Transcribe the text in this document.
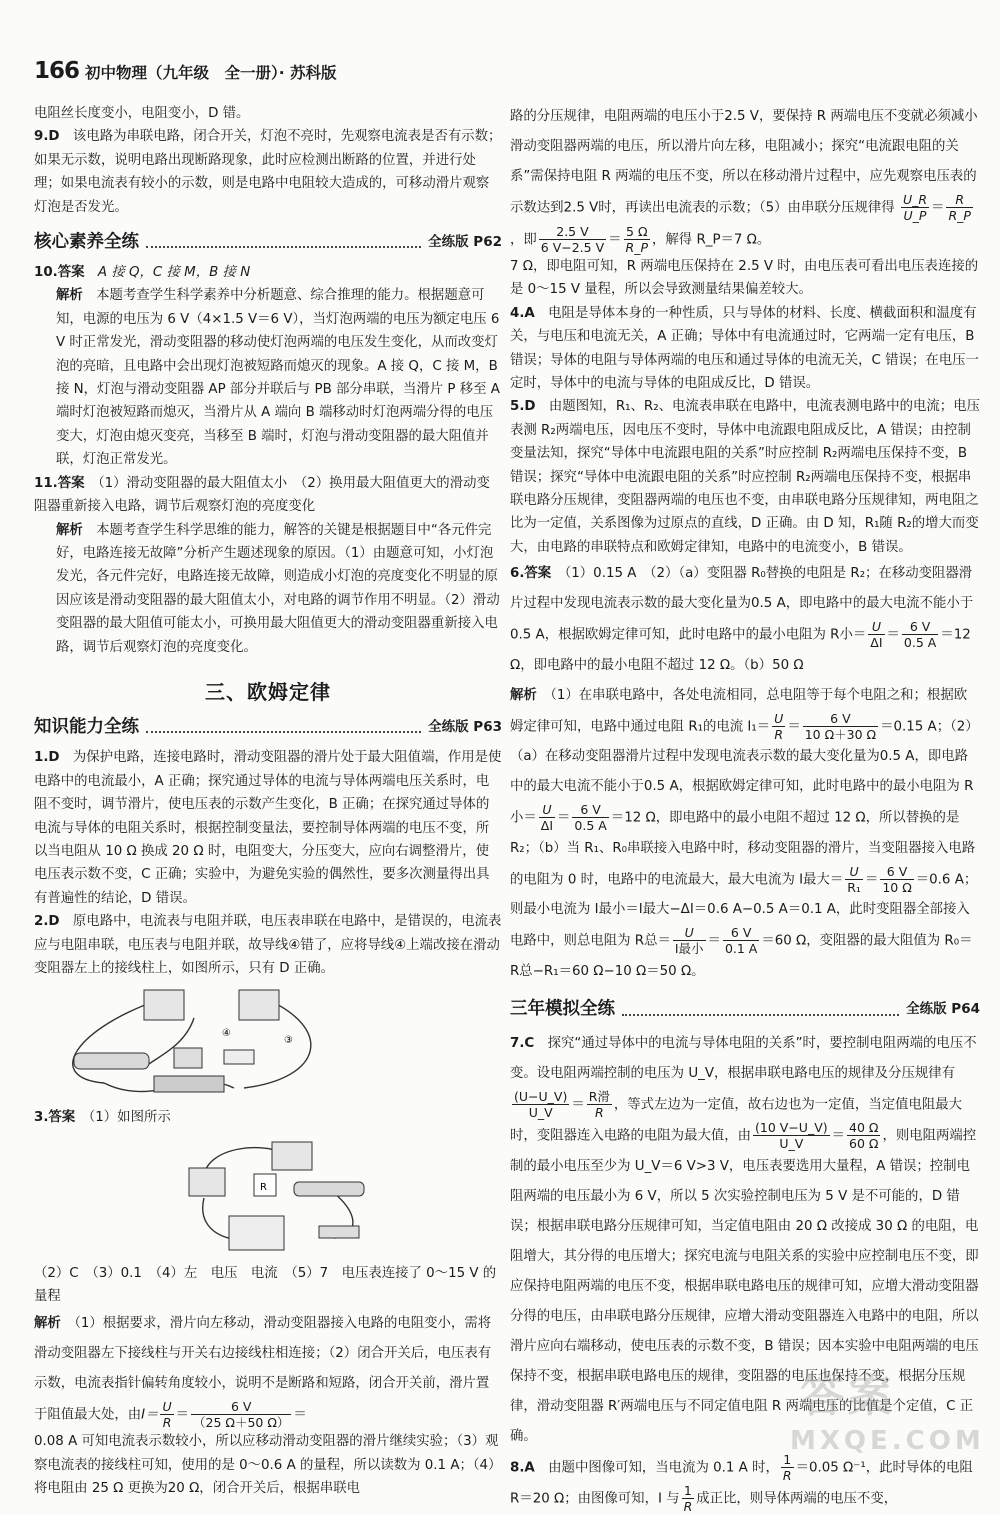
166 初中物理（九年级　全一册）· 苏科版

电阻丝长度变小，电阻变小，D 错。

9.D　 该电路为串联电路，闭合开关，灯泡不亮时，先观察电流表是否有示数；如果无示数，说明电路出现断路现象，此时应检测出断路的位置，并进行处理；如果电流表有较小的示数，则是电路中电阻较大造成的，可移动滑片观察灯泡是否发光。

核心素养全练	全练版 P62

10.答案　 A 接 Q，C 接 M，B 接 N

解析　 本题考查学生科学素养中分析题意、综合推理的能力。根据题意可知，电源的电压为 6 V（4×1.5 V＝6 V），当灯泡两端的电压为额定电压 6 V 时正常发光，滑动变阻器的移动使灯泡两端的电压发生变化，从而改变灯泡的亮暗，且电路中会出现灯泡被短路而熄灭的现象。A 接 Q，C 接 M，B 接 N，灯泡与滑动变阻器 AP 部分并联后与 PB 部分串联，当滑片 P 移至 A 端时灯泡被短路而熄灭，当滑片从 A 端向 B 端移动时灯泡两端分得的电压变大，灯泡由熄灭变亮，当移至 B 端时，灯泡与滑动变阻器的最大阻值并联，灯泡正常发光。

11.答案　 （1）滑动变阻器的最大阻值太小　（2）换用最大阻值更大的滑动变阻器重新接入电路，调节后观察灯泡的亮度变化

解析　 本题考查学生科学思维的能力，解答的关键是根据题目中“各元件完好，电路连接无故障”分析产生题述现象的原因。（1）由题意可知，小灯泡发光，各元件完好，电路连接无故障，则造成小灯泡的亮度变化不明显的原因应该是滑动变阻器的最大阻值太小，对电路的调节作用不明显。（2）滑动变阻器的最大阻值可能太小，可换用最大阻值更大的滑动变阻器重新接入电路，调节后观察灯泡的亮度变化。

三、欧姆定律
知识能力全练	全练版 P63

1.D　 为保护电路，连接电路时，滑动变阻器的滑片处于最大阻值端，作用是使电路中的电流最小，A 正确；探究通过导体的电流与导体两端电压关系时，电阻不变时，调节滑片，使电压表的示数产生变化，B 正确；在探究通过导体的电流与导体的电阻关系时，根据控制变量法，要控制导体两端的电压不变，所以当电阻从 10 Ω 换成 20 Ω 时，电阻变大，分压变大，应向右调整滑片，使电压表示数不变，C 正确；实验中，为避免实验的偶然性，要多次测量得出具有普遍性的结论，D 错误。

2.D　 原电路中，电流表与电阻并联，电压表串联在电路中，是错误的，电流表应与电阻串联，电压表与电阻并联，故导线④错了，应将导线④上端改接在滑动变阻器左上的接线柱上，如图所示，只有 D 正确。

④
③

3.答案　 （1）如图所示

R

（2）C　（3）0.1　（4）左　电压　电流　（5）7　电压表连接了 0～15 V 的量程

解析　 （1）根据要求，滑片向左移动，滑动变阻器接入电路的电阻变小，需将滑动变阻器左下接线柱与开关右边接线柱相连接；（2）闭合开关后，电压表有示数，电流表指针偏转角度较小，说明不是断路和短路，闭合开关前，滑片置于阻值最大处，由$I= \frac{U}{R} = \frac{6 V}{(25 \Omega+50 \Omega)}$ ＝

0.08 A 可知电流表示数较小，所以应移动滑动变阻器的滑片继续实验；（3）观察电流表的接线柱可知，使用的是 0～0.6 A 的量程，所以读数为 0.1 A；（4）将电阻由 25 Ω 更换为20 Ω，闭合开关后，根据串联电

路的分压规律，电阻两端的电压小于2.5 V，要保持 R 两端电压不变就必须减小滑动变阻器两端的电压，所以滑片向左移，电阻减小；探究“电流跟电阻的关系”需保持电阻 R 两端的电压不变，所以在移动滑片过程中，应先观察电压表的示数达到2.5 V时，再读出电流表的示数；（5）由串联分压规律得 $\frac{U\_R}{U\_P} = \frac{R}{R\_P}$
，即 $\frac{2.5 V}{6 V-2.5 V} = \frac{5 \Omega}{R\_P}$ ，解得 R_P＝7 Ω。

7 Ω，即电阻可知，R 两端电压保持在 2.5 V 时，由电压表可看出电压表连接的是 0～15 V 量程，所以会导致测量结果偏差较大。

4.A　 电阻是导体本身的一种性质，只与导体的材料、长度、横截面积和温度有关，与电压和电流无关，A 正确；导体中有电流通过时，它两端一定有电压，B 错误；导体的电阻与导体两端的电压和通过导体的电流无关，C 错误；在电压一定时，导体中的电流与导体的电阻成反比，D 错误。

5.D　 由题图知，R₁、R₂、电流表串联在电路中，电流表测电路中的电流；电压表测 R₂两端电压，因电压不变时，导体中电流跟电阻成反比，A 错误；由控制变量法知，探究“导体中电流跟电阻的关系”时应控制 R₂两端电压保持不变，B 错误；探究“导体中电流跟电阻的关系”时应控制 R₂两端电压保持不变，根据串联电路分压规律，变阻器两端的电压也不变，由串联电路分压规律知，两电阻之比为一定值，关系图像为过原点的直线，D 正确。由 D 知，R₁随 R₂的增大而变大，由电路的串联特点和欧姆定律知，电路中的电流变小，B 错误。

6.答案　 （1）0.15 A　（2）（a）变阻器 R₀替换的电阻是 R₂；在移动变阻器滑片过程中发现电流表示数的最大变化量为0.5 A，即电路中的最大电流不能小于 0.5 A，根据欧姆定律可知，此时电路中的最小电阻为 R小＝ $\frac{U}{\Delta I} = \frac{6 V}{0.5 A} =12$ Ω，即电路中的最小电阻不超过 12 Ω。（b）50 Ω

解析　 （1）在串联电路中，各处电流相同，总电阻等于每个电阻之和；根据欧姆定律可知，电路中通过电阻 R₁的电流 $I_1= \frac{U}{R} = \frac{6 V}{10 \Omega+30 \Omega} =0.15$ A；（2）（a）在移动变阻器滑片过程中发现电流表示数的最大变化量为0.5 A，即电路中的最大电流不能小于0.5 A，根据欧姆定律可知，此时电路中的最小电阻为 R小＝ $\frac{U}{\Delta I} = \frac{6 V}{0.5 A} =12$ Ω，即电路中的最小电阻不超过 12 Ω，所以替换的是 R₂；（b）当 R₁、R₀串联接入电路中时，移动变阻器的滑片，当变阻器接入电路的电阻为 0 时，电路中的电流最大，最大电流为 I最大＝ $\frac{U}{\text{R₁}} = \frac{6 V}{10 \Omega} =0.6$ A；则最小电流为 I最小＝I最大−ΔI＝0.6 A−0.5 A＝0.1 A，此时变阻器全部接入电路中，则总电阻为 R总＝ $\frac{U}{\text{I最小}} = \frac{6 V}{0.1 A} =60$ Ω，变阻器的最大阻值为 R₀＝R总−R₁＝60 Ω−10 Ω＝50 Ω。

三年模拟全练	全练版 P64

7.C　 探究“通过导体中的电流与导体电阻的关系”时，要控制电阻两端的电压不变。设电阻两端控制的电压为 U_V，根据串联电路电压的规律及分压规律有
$\frac{(U-U\_V)}{U\_V} = \frac{\text{R滑}}{R}$ ，等式左边为一定值，故右边也为一定值，当定值电阻最大时，变阻器连入电路的电阻为最大值，由 $\frac{(10 V-U\_V)}{U\_V} = \frac{40 \Omega}{60 \Omega}$ ，则电阻两端控制的最小电压至少为 U_V＝6 V>3 V，电压表要选用大量程，A 错误；控制电阻两端的电压最小为 6 V，所以 5 次实验控制电压为 5 V 是不可能的，D 错误；根据串联电路分压规律可知，当定值电阻由 20 Ω 改接成 30 Ω 的电阻，电阻增大，其分得的电压增大；探究电流与电阻关系的实验中应控制电压不变，即应保持电阻两端的电压不变，根据串联电路电压的规律可知，应增大滑动变阻器分得的电压，由串联电路分压规律，应增大滑动变阻器连入电路中的电阻，所以滑片应向右端移动，使电压表的示数不变，B 错误；因本实验中电阻两端的电压保持不变，根据串联电路电压的规律，变阻器的电压也保持不变，根据分压规律，滑动变阻器 R′两端电压与不同定值电阻 R 两端电压的比值是个定值，C 正确。

8.A　 由题中图像可知，当电流为 0.1 A 时， $\frac{1}{R} =0.05$ Ω⁻¹，此时导体的电阻 R＝20 Ω；由图像可知，I 与 $\frac{1}{R}$ 成正比，则导体两端的电压不变，

答案
MXQE.COM
